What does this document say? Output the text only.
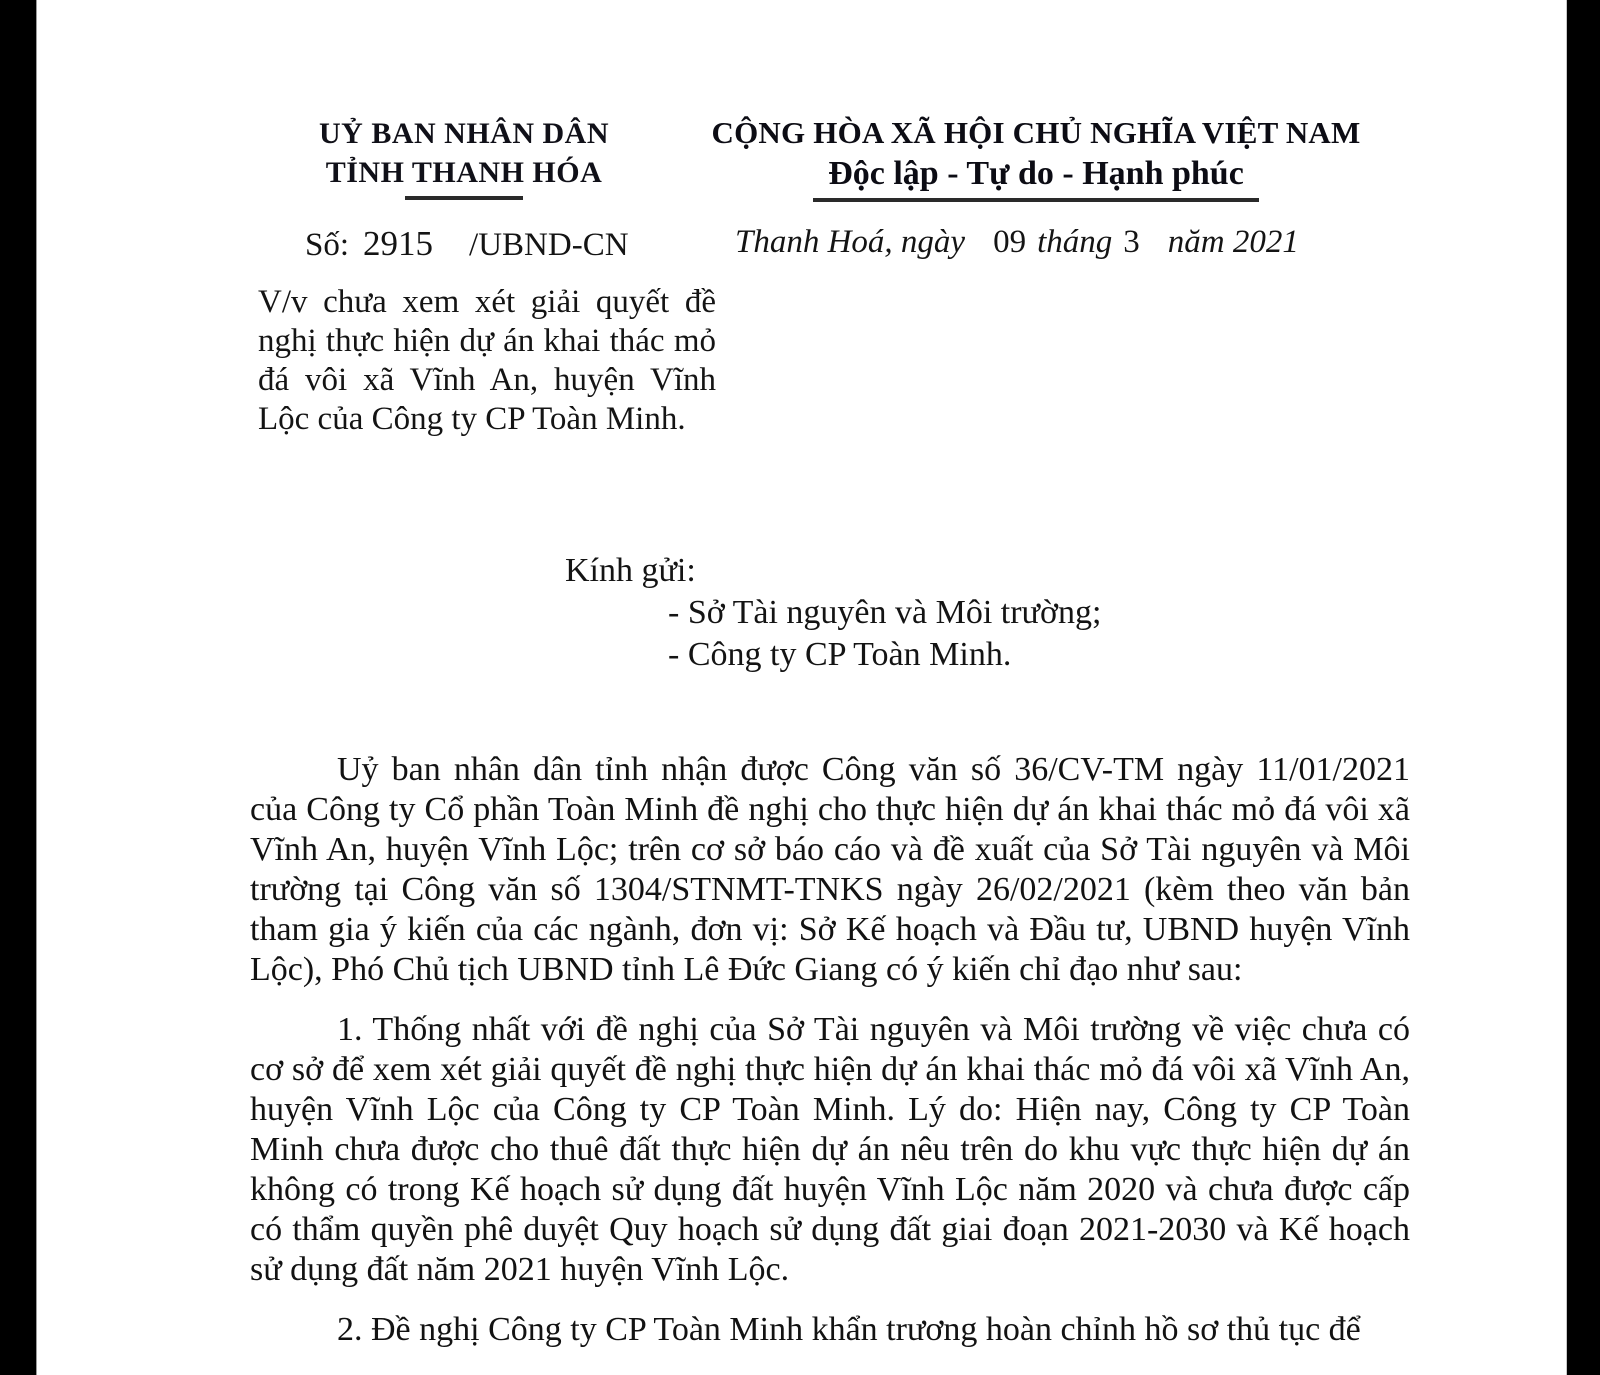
UỶ BAN NHÂN DÂN
TỈNH THANH HÓA
CỘNG HÒA XÃ HỘI CHỦ NGHĨA VIỆT NAM
Độc lập - Tự do - Hạnh phúc
Số: 2915 /UBND-CN	Thanh Hoá, ngày 09 tháng 3 năm 2021
V/v chưa xem xét giải quyết đề nghị thực hiện dự án khai thác mỏ đá vôi xã Vĩnh An, huyện Vĩnh Lộc của Công ty CP Toàn Minh.
Kính gửi:
- Sở Tài nguyên và Môi trường;
- Công ty CP Toàn Minh.

Uỷ ban nhân dân tỉnh nhận được Công văn số 36/CV-TM ngày 11/01/2021 của Công ty Cổ phần Toàn Minh đề nghị cho thực hiện dự án khai thác mỏ đá vôi xã Vĩnh An, huyện Vĩnh Lộc; trên cơ sở báo cáo và đề xuất của Sở Tài nguyên và Môi trường tại Công văn số 1304/STNMT-TNKS ngày 26/02/2021 (kèm theo văn bản tham gia ý kiến của các ngành, đơn vị: Sở Kế hoạch và Đầu tư, UBND huyện Vĩnh Lộc), Phó Chủ tịch UBND tỉnh Lê Đức Giang có ý kiến chỉ đạo như sau:

1. Thống nhất với đề nghị của Sở Tài nguyên và Môi trường về việc chưa có cơ sở để xem xét giải quyết đề nghị thực hiện dự án khai thác mỏ đá vôi xã Vĩnh An, huyện Vĩnh Lộc của Công ty CP Toàn Minh. Lý do: Hiện nay, Công ty CP Toàn Minh chưa được cho thuê đất thực hiện dự án nêu trên do khu vực thực hiện dự án không có trong Kế hoạch sử dụng đất huyện Vĩnh Lộc năm 2020 và chưa được cấp có thẩm quyền phê duyệt Quy hoạch sử dụng đất giai đoạn 2021-2030 và Kế hoạch sử dụng đất năm 2021 huyện Vĩnh Lộc.

2. Đề nghị Công ty CP Toàn Minh khẩn trương hoàn chỉnh hồ sơ thủ tục để
